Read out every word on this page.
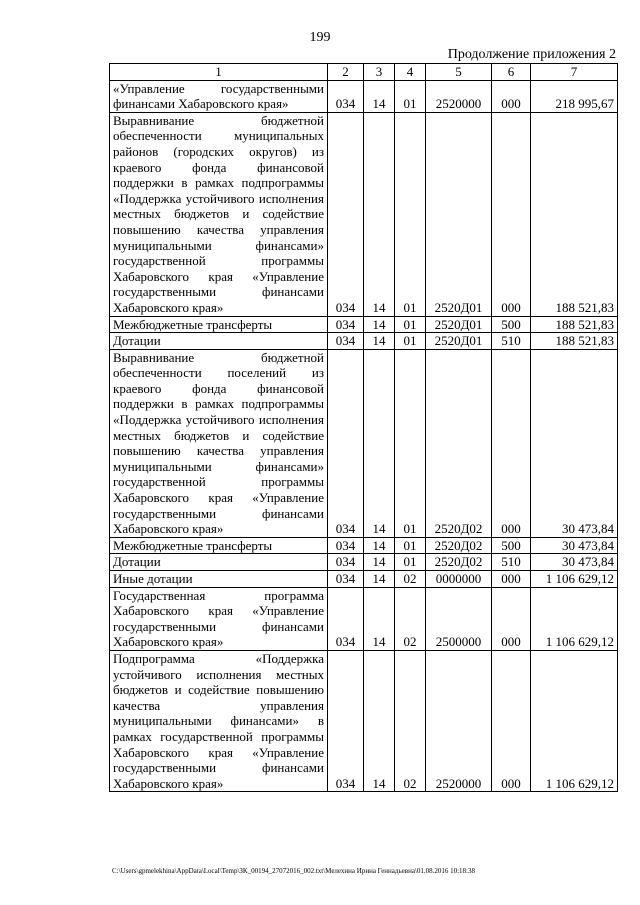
199
Продолжение приложения 2
1	2	3	4	5	6	7
«Управление государственными финансами Хабаровского края»	034	14	01	2520000	000	218 995,67
Выравнивание бюджетной обеспеченности муниципальных районов (городских округов) из краевого фонда финансовой поддержки в рамках подпрограммы «Поддержка устойчивого исполнения местных бюджетов и содействие повышению качества управления муниципальными финансами» государственной программы Хабаровского края «Управление государственными финансами Хабаровского края»	034	14	01	2520Д01	000	188 521,83
Межбюджетные трансферты	034	14	01	2520Д01	500	188 521,83
Дотации	034	14	01	2520Д01	510	188 521,83
Выравнивание бюджетной обеспеченности поселений из краевого фонда финансовой поддержки в рамках подпрограммы «Поддержка устойчивого исполнения местных бюджетов и содействие повышению качества управления муниципальными финансами» государственной программы Хабаровского края «Управление государственными финансами Хабаровского края»	034	14	01	2520Д02	000	30 473,84
Межбюджетные трансферты	034	14	01	2520Д02	500	30 473,84
Дотации	034	14	01	2520Д02	510	30 473,84
Иные дотации	034	14	02	0000000	000	1 106 629,12
Государственная программа Хабаровского края «Управление государственными финансами Хабаровского края»	034	14	02	2500000	000	1 106 629,12
Подпрограмма «Поддержка устойчивого исполнения местных бюджетов и содействие повышению качества управления муниципальными финансами» в рамках государственной программы Хабаровского края «Управление государственными финансами Хабаровского края»	034	14	02	2520000	000	1 106 629,12
C:\Users\gpmelekhina\AppData\Local\Temp\ЗК_00194_27072016_002.txt\Мелехина Ирина Геннадьевна\01.08.2016 10:18:38
